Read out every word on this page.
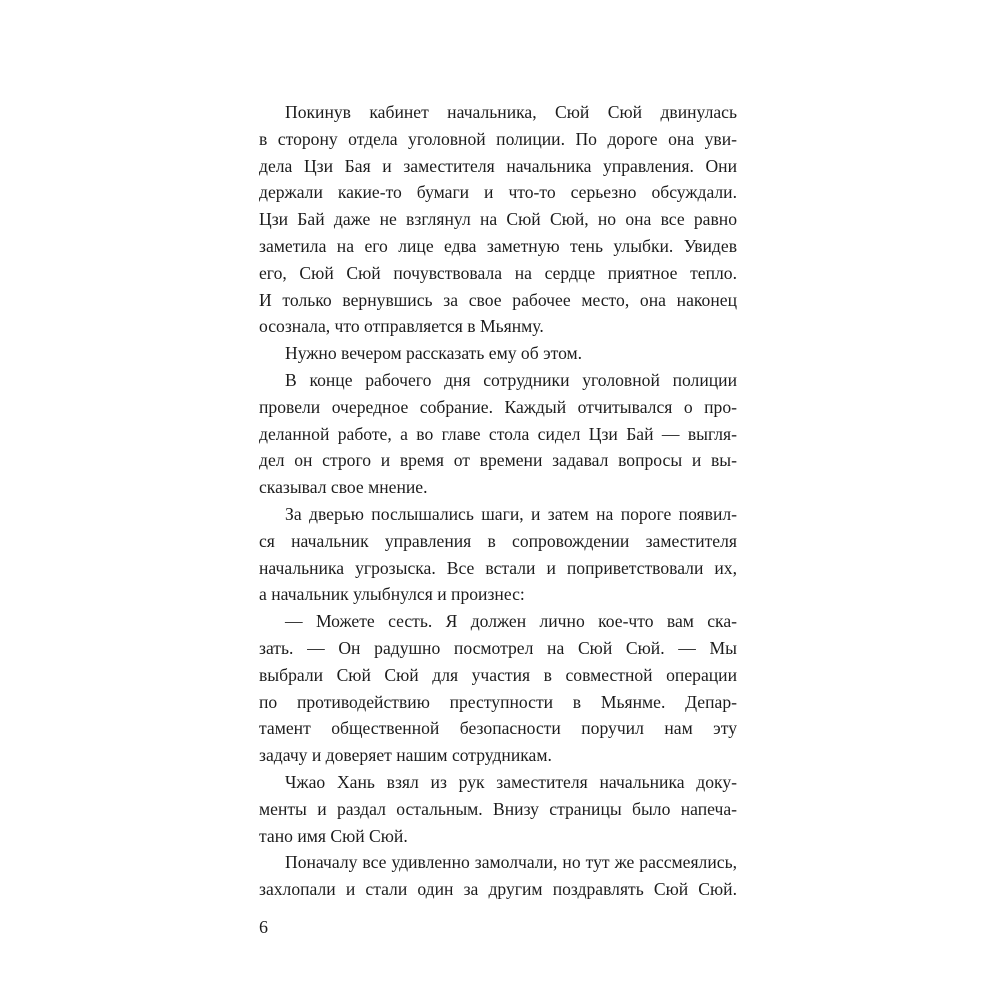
Покинув кабинет начальника, Сюй Сюй двинулась
в сторону отдела уголовной полиции. По дороге она уви-
дела Цзи Бая и заместителя начальника управления. Они
держали какие-то бумаги и что-то серьезно обсуждали.
Цзи Бай даже не взглянул на Сюй Сюй, но она все равно
заметила на его лице едва заметную тень улыбки. Увидев
его, Сюй Сюй почувствовала на сердце приятное тепло.
И только вернувшись за свое рабочее место, она наконец
осознала, что отправляется в Мьянму.
Нужно вечером рассказать ему об этом.
В конце рабочего дня сотрудники уголовной полиции
провели очередное собрание. Каждый отчитывался о про-
деланной работе, а во главе стола сидел Цзи Бай — выгля-
дел он строго и время от времени задавал вопросы и вы-
сказывал свое мнение.
За дверью послышались шаги, и затем на пороге появил-
ся начальник управления в сопровождении заместителя
начальника угрозыска. Все встали и поприветствовали их,
а начальник улыбнулся и произнес:
— Можете сесть. Я должен лично кое-что вам ска-
зать. — Он радушно посмотрел на Сюй Сюй. — Мы
выбрали Сюй Сюй для участия в совместной операции
по противодействию преступности в Мьянме. Депар-
тамент общественной безопасности поручил нам эту
задачу и доверяет нашим сотрудникам.
Чжао Хань взял из рук заместителя начальника доку-
менты и раздал остальным. Внизу страницы было напеча-
тано имя Сюй Сюй.
Поначалу все удивленно замолчали, но тут же рассмеялись,
захлопали и стали один за другим поздравлять Сюй Сюй.
6
